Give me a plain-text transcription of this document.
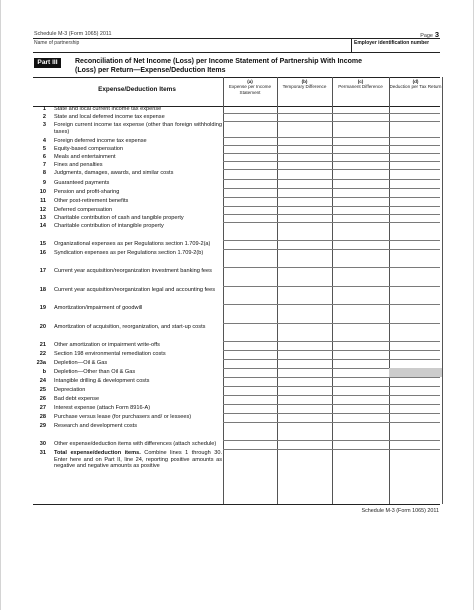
Schedule M-3 (Form 1065) 2011	Page 3
Name of partnership	Employer identification number
Part III	Reconciliation of Net Income (Loss) per Income Statement of Partnership With Income (Loss) per Return—Expense/Deduction Items
Expense/Deduction Items
(a)
Expense per Income Statement
(b)
Temporary Difference
(c)
Permanent Difference
(d)
Deduction per Tax Return
1 State and local current income tax expense
2 State and local deferred income tax expense
3 Foreign current income tax expense (other than foreign withholding taxes)
4 Foreign deferred income tax expense
5 Equity-based compensation
6 Meals and entertainment
7 Fines and penalties
8 Judgments, damages, awards, and similar costs
9 Guaranteed payments
10 Pension and profit-sharing
11 Other post-retirement benefits
12 Deferred compensation
13 Charitable contribution of cash and tangible property
14 Charitable contribution of intangible property
15 Organizational expenses as per Regulations section 1.709-2(a)
16 Syndication expenses as per Regulations section 1.709-2(b)
17 Current year acquisition/reorganization investment banking fees
18 Current year acquisition/reorganization legal and accounting fees
19 Amortization/impairment of goodwill
20 Amortization of acquisition, reorganization, and start-up costs
21 Other amortization or impairment write-offs
22 Section 198 environmental remediation costs
23a Depletion—Oil & Gas
b Depletion—Other than Oil & Gas
24 Intangible drilling & development costs
25 Depreciation
26 Bad debt expense
27 Interest expense (attach Form 8916-A)
28 Purchase versus lease (for purchasers and/ or lessees)
29 Research and development costs
30 Other expense/deduction items with differences (attach schedule)
31 Total expense/deduction items. Combine lines 1 through 30. Enter here and on Part II, line 24, reporting positive amounts as negative and negative amounts as positive
Schedule M-3 (Form 1065) 2011
